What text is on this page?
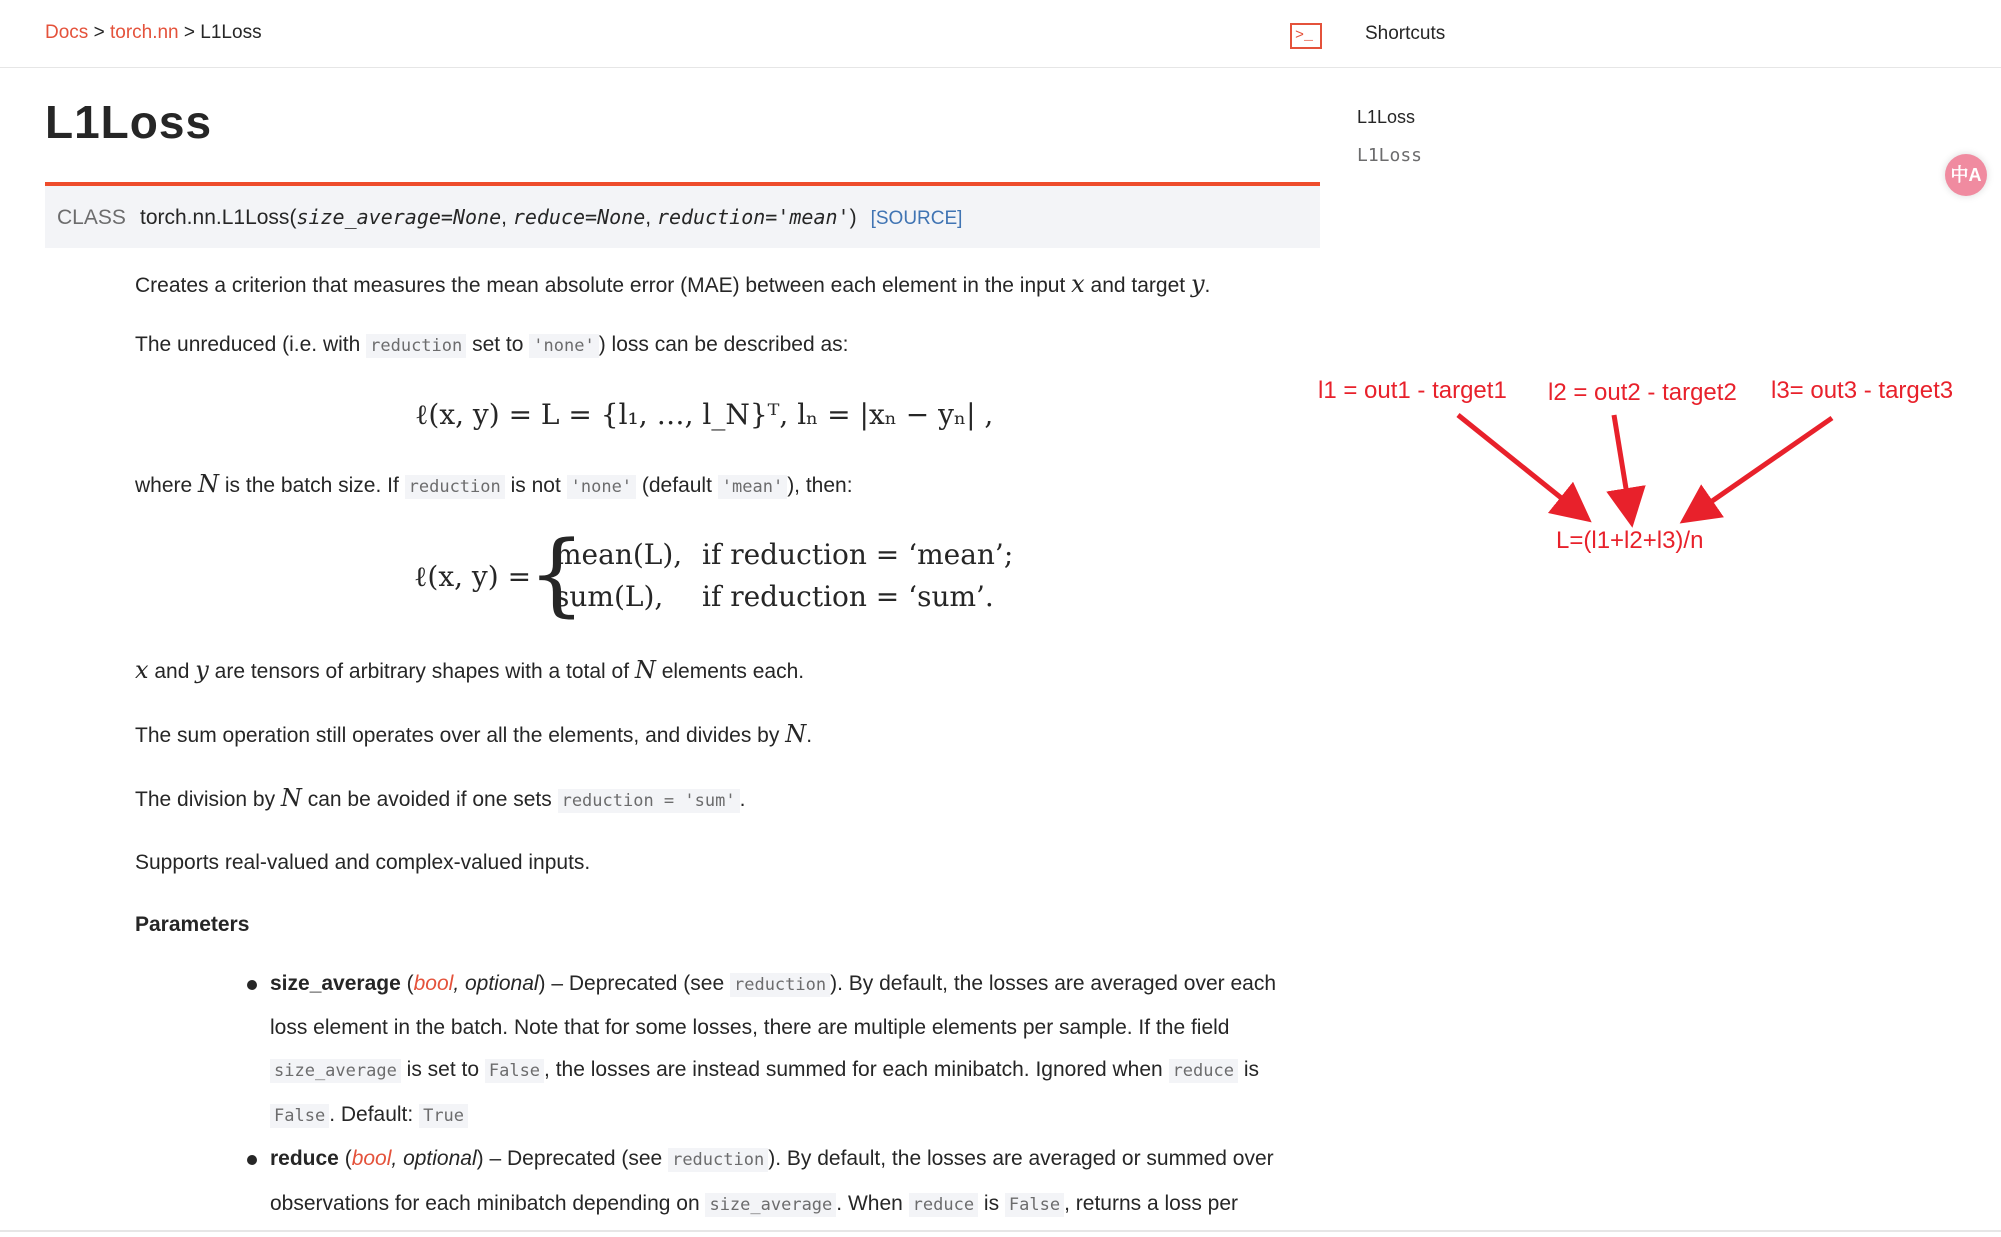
Docs > torch.nn > L1Loss	>_	Shortcuts
L1Loss
CLASS torch.nn.L1Loss(size_average=None, reduce=None, reduction='mean') [SOURCE]
Creates a criterion that measures the mean absolute error (MAE) between each element in the input x and target y.
The unreduced (i.e. with reduction set to 'none' ) loss can be described as:
ℓ(x, y) = L = {l₁, …, l_N}ᵀ, lₙ = |xₙ − yₙ| ,
where N is the batch size. If reduction is not 'none' (default 'mean' ), then:
ℓ(x, y) =
{
mean(L), if reduction = ‘mean’;
sum(L), if reduction = ‘sum’.
x and y are tensors of arbitrary shapes with a total of N elements each.
The sum operation still operates over all the elements, and divides by N.
The division by N can be avoided if one sets reduction = 'sum' .
Supports real-valued and complex-valued inputs.
Parameters
size_average (bool, optional) – Deprecated (see reduction ). By default, the losses are averaged over each
loss element in the batch. Note that for some losses, there are multiple elements per sample. If the field
size_average is set to False , the losses are instead summed for each minibatch. Ignored when reduce is
False . Default: True
reduce (bool, optional) – Deprecated (see reduction ). By default, the losses are averaged or summed over
observations for each minibatch depending on size_average . When reduce is False , returns a loss per
L1Loss
L1Loss
中A
l1 = out1 - target1 l2 = out2 - target2 l3= out3 - target3
L=(l1+l2+l3)/n
